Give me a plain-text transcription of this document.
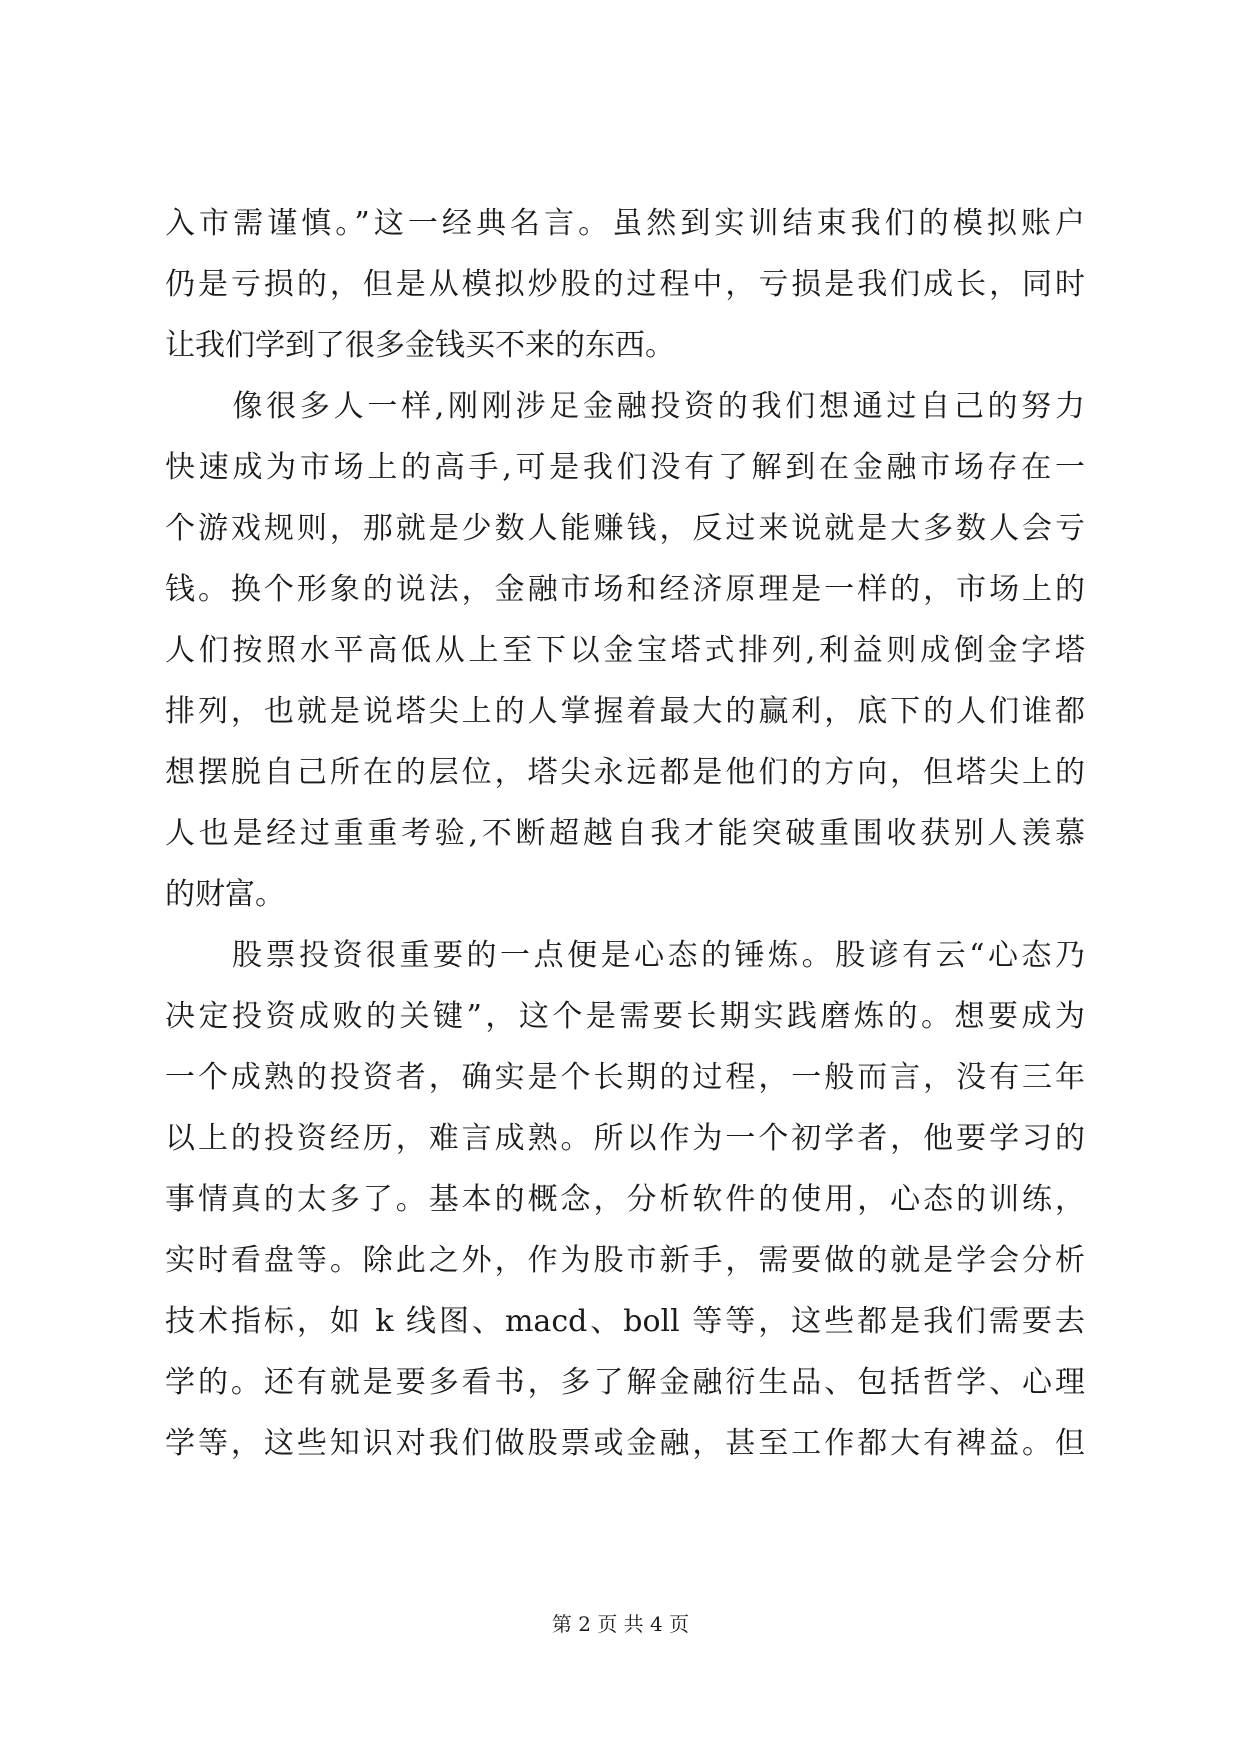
入市需谨慎。”这一经典名言。虽然到实训结束我们的模拟账户
仍是亏损的，但是从模拟炒股的过程中，亏损是我们成长，同时
让我们学到了很多金钱买不来的东西。
　　像很多人一样,刚刚涉足金融投资的我们想通过自己的努力
快速成为市场上的高手,可是我们没有了解到在金融市场存在一
个游戏规则，那就是少数人能赚钱，反过来说就是大多数人会亏
钱。换个形象的说法，金融市场和经济原理是一样的，市场上的
人们按照水平高低从上至下以金宝塔式排列,利益则成倒金字塔
排列，也就是说塔尖上的人掌握着最大的赢利，底下的人们谁都
想摆脱自己所在的层位，塔尖永远都是他们的方向，但塔尖上的
人也是经过重重考验,不断超越自我才能突破重围收获别人羡慕
的财富。
　　股票投资很重要的一点便是心态的锤炼。股谚有云“心态乃
决定投资成败的关键”，这个是需要长期实践磨炼的。想要成为
一个成熟的投资者，确实是个长期的过程，一般而言，没有三年
以上的投资经历，难言成熟。所以作为一个初学者，他要学习的
事情真的太多了。基本的概念，分析软件的使用，心态的训练，
实时看盘等。除此之外，作为股市新手，需要做的就是学会分析
技术指标，如 k 线图、macd、boll 等等，这些都是我们需要去
学的。还有就是要多看书，多了解金融衍生品、包括哲学、心理
学等，这些知识对我们做股票或金融，甚至工作都大有裨益。但
第 2 页 共 4 页
